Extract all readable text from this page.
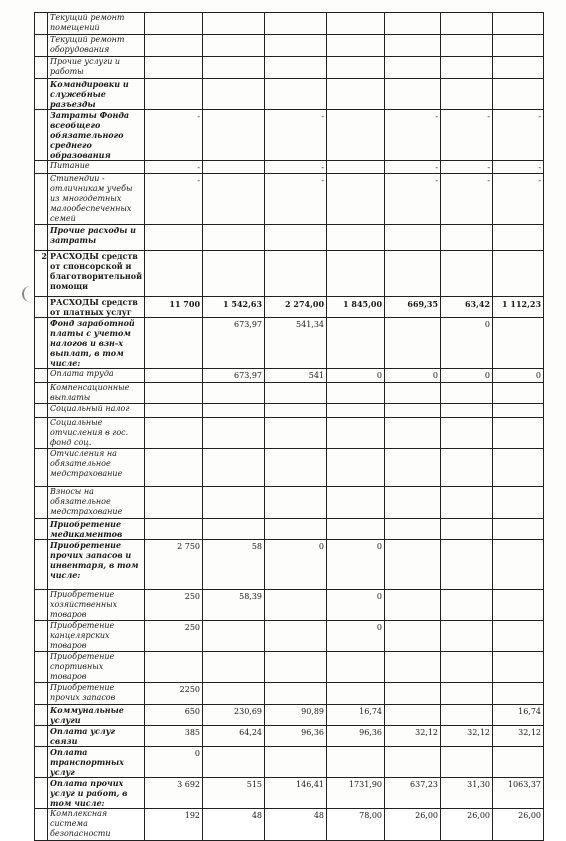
	Текущий ремонт помещений							
	Текущий ремонт оборудования							
	Прочие услуги и работы							
	Командировки и служебные разъезды							
	Затраты Фонда всеобщего обязательного среднего образования	-		-		-	-	-
	Питание	-		-		-	-	-
	Стипендии - отличникам учебы из многодетных малообеспеченных семей	-		-		-	-	-
	Прочие расходы и затраты							
2	РАСХОДЫ средств от спонсорской и благотворительной помощи							
	РАСХОДЫ средств от платных услуг	11 700	1 542,63	2 274,00	1 845,00	669,35	63,42	1 112,23
	Фонд заработной платы с учетом налогов и взн-х выплат, в том числе:		673,97	541,34			0	
	Оплата труда		673,97	541	0	0	0	0
	Компенсационные выплаты							
	Социальный налог							
	Социальные отчисления в гос. фонд соц.							
	Отчисления на обязательное медстрахование							
	Взносы на обязательное медстрахование							
	Приобретение медикаментов							
	Приобретение прочих запасов и инвентаря, в том числе:	2 750	58	0	0			
	Приобретение хозяйственных товаров	250	58,39		0			
	Приобретение канцелярских товаров	250			0			
	Приобретение спортивных товаров							
	Приобретение прочих запасов	2250						
	Коммунальные услуги	650	230,69	90,89	16,74			16,74
	Оплата услуг связи	385	64,24	96,36	96,36	32,12	32,12	32,12
	Оплата транспортных услуг	0						
	Оплата прочих услуг и работ, в том числе:	3 692	515	146,41	1731,90	637,23	31,30	1063,37
	Комплексная система безопасности	192	48	48	78,00	26,00	26,00	26,00
